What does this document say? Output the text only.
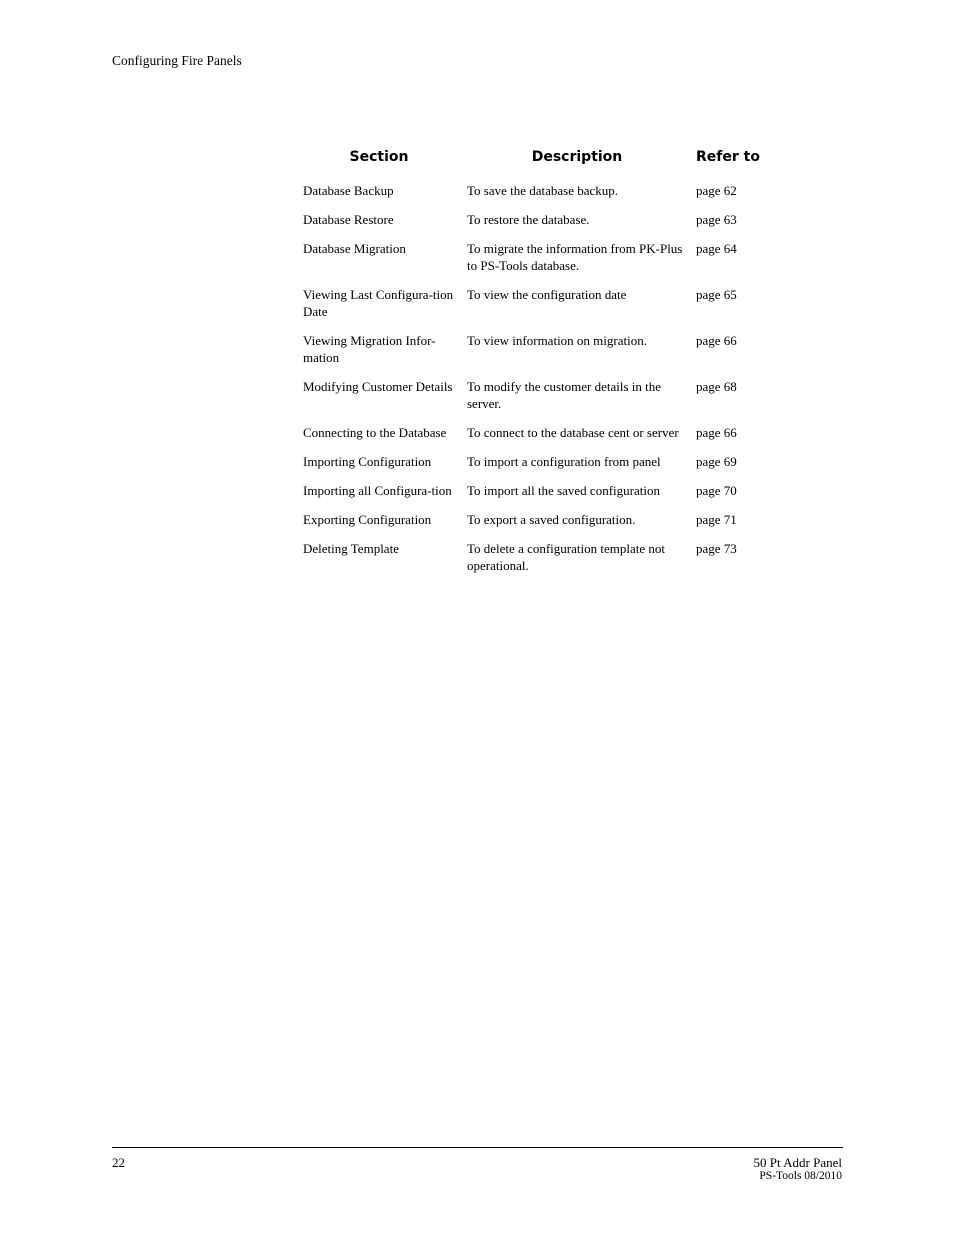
Configuring Fire Panels
Section	Description	Refer to
Database Backup	To save the database backup.	page 62
Database Restore	To restore the database.	page 63
Database Migration	To migrate the information from PK-Plus to PS-Tools database.	page 64
Viewing Last Configura-tion Date	To view the configuration date	page 65
Viewing Migration Infor-mation	To view information on migration.	page 66
Modifying Customer Details	To modify the customer details in the server.	page 68
Connecting to the Database	To connect to the database cent or server	page 66
Importing Configuration	To import a configuration from panel	page 69
Importing all Configura-tion	To import all the saved configuration	page 70
Exporting Configuration	To export a saved configuration.	page 71
Deleting Template	To delete a configuration template not operational.	page 73
22	50 Pt Addr Panel
PS-Tools 08/2010
